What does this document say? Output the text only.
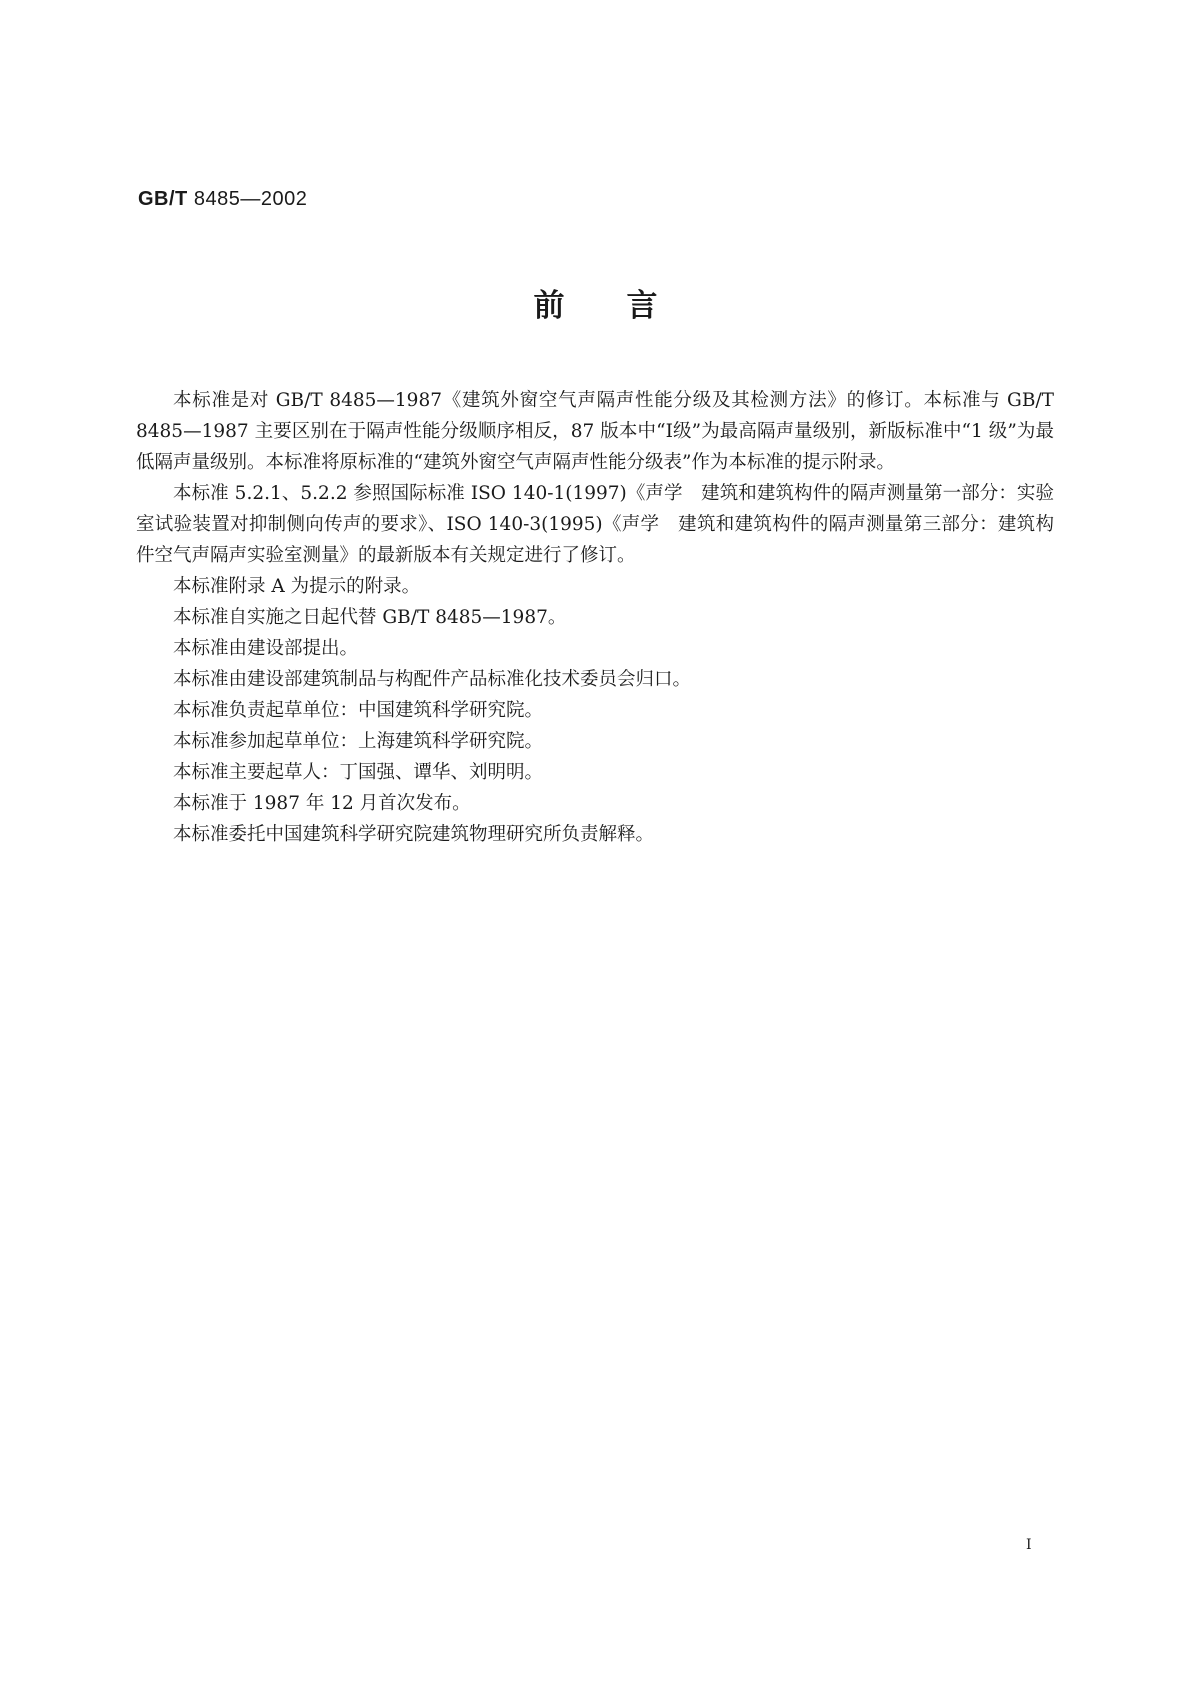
GB/T 8485—2002
前言

本标准是对 GB/T 8485—1987《建筑外窗空气声隔声性能分级及其检测方法》的修订。本标准与 GB/T 8485—1987 主要区别在于隔声性能分级顺序相反，87 版本中“Ⅰ级”为最高隔声量级别，新版标准中“1 级”为最低隔声量级别。本标准将原标准的“建筑外窗空气声隔声性能分级表”作为本标准的提示附录。

本标准 5.2.1、5.2.2 参照国际标准 ISO 140-1(1997)《声学　建筑和建筑构件的隔声测量第一部分：实验室试验装置对抑制侧向传声的要求》、ISO 140-3(1995)《声学　建筑和建筑构件的隔声测量第三部分：建筑构件空气声隔声实验室测量》的最新版本有关规定进行了修订。

本标准附录 A 为提示的附录。

本标准自实施之日起代替 GB/T 8485—1987。

本标准由建设部提出。

本标准由建设部建筑制品与构配件产品标准化技术委员会归口。

本标准负责起草单位：中国建筑科学研究院。

本标准参加起草单位：上海建筑科学研究院。

本标准主要起草人：丁国强、谭华、刘明明。

本标准于 1987 年 12 月首次发布。

本标准委托中国建筑科学研究院建筑物理研究所负责解释。

Ⅰ
